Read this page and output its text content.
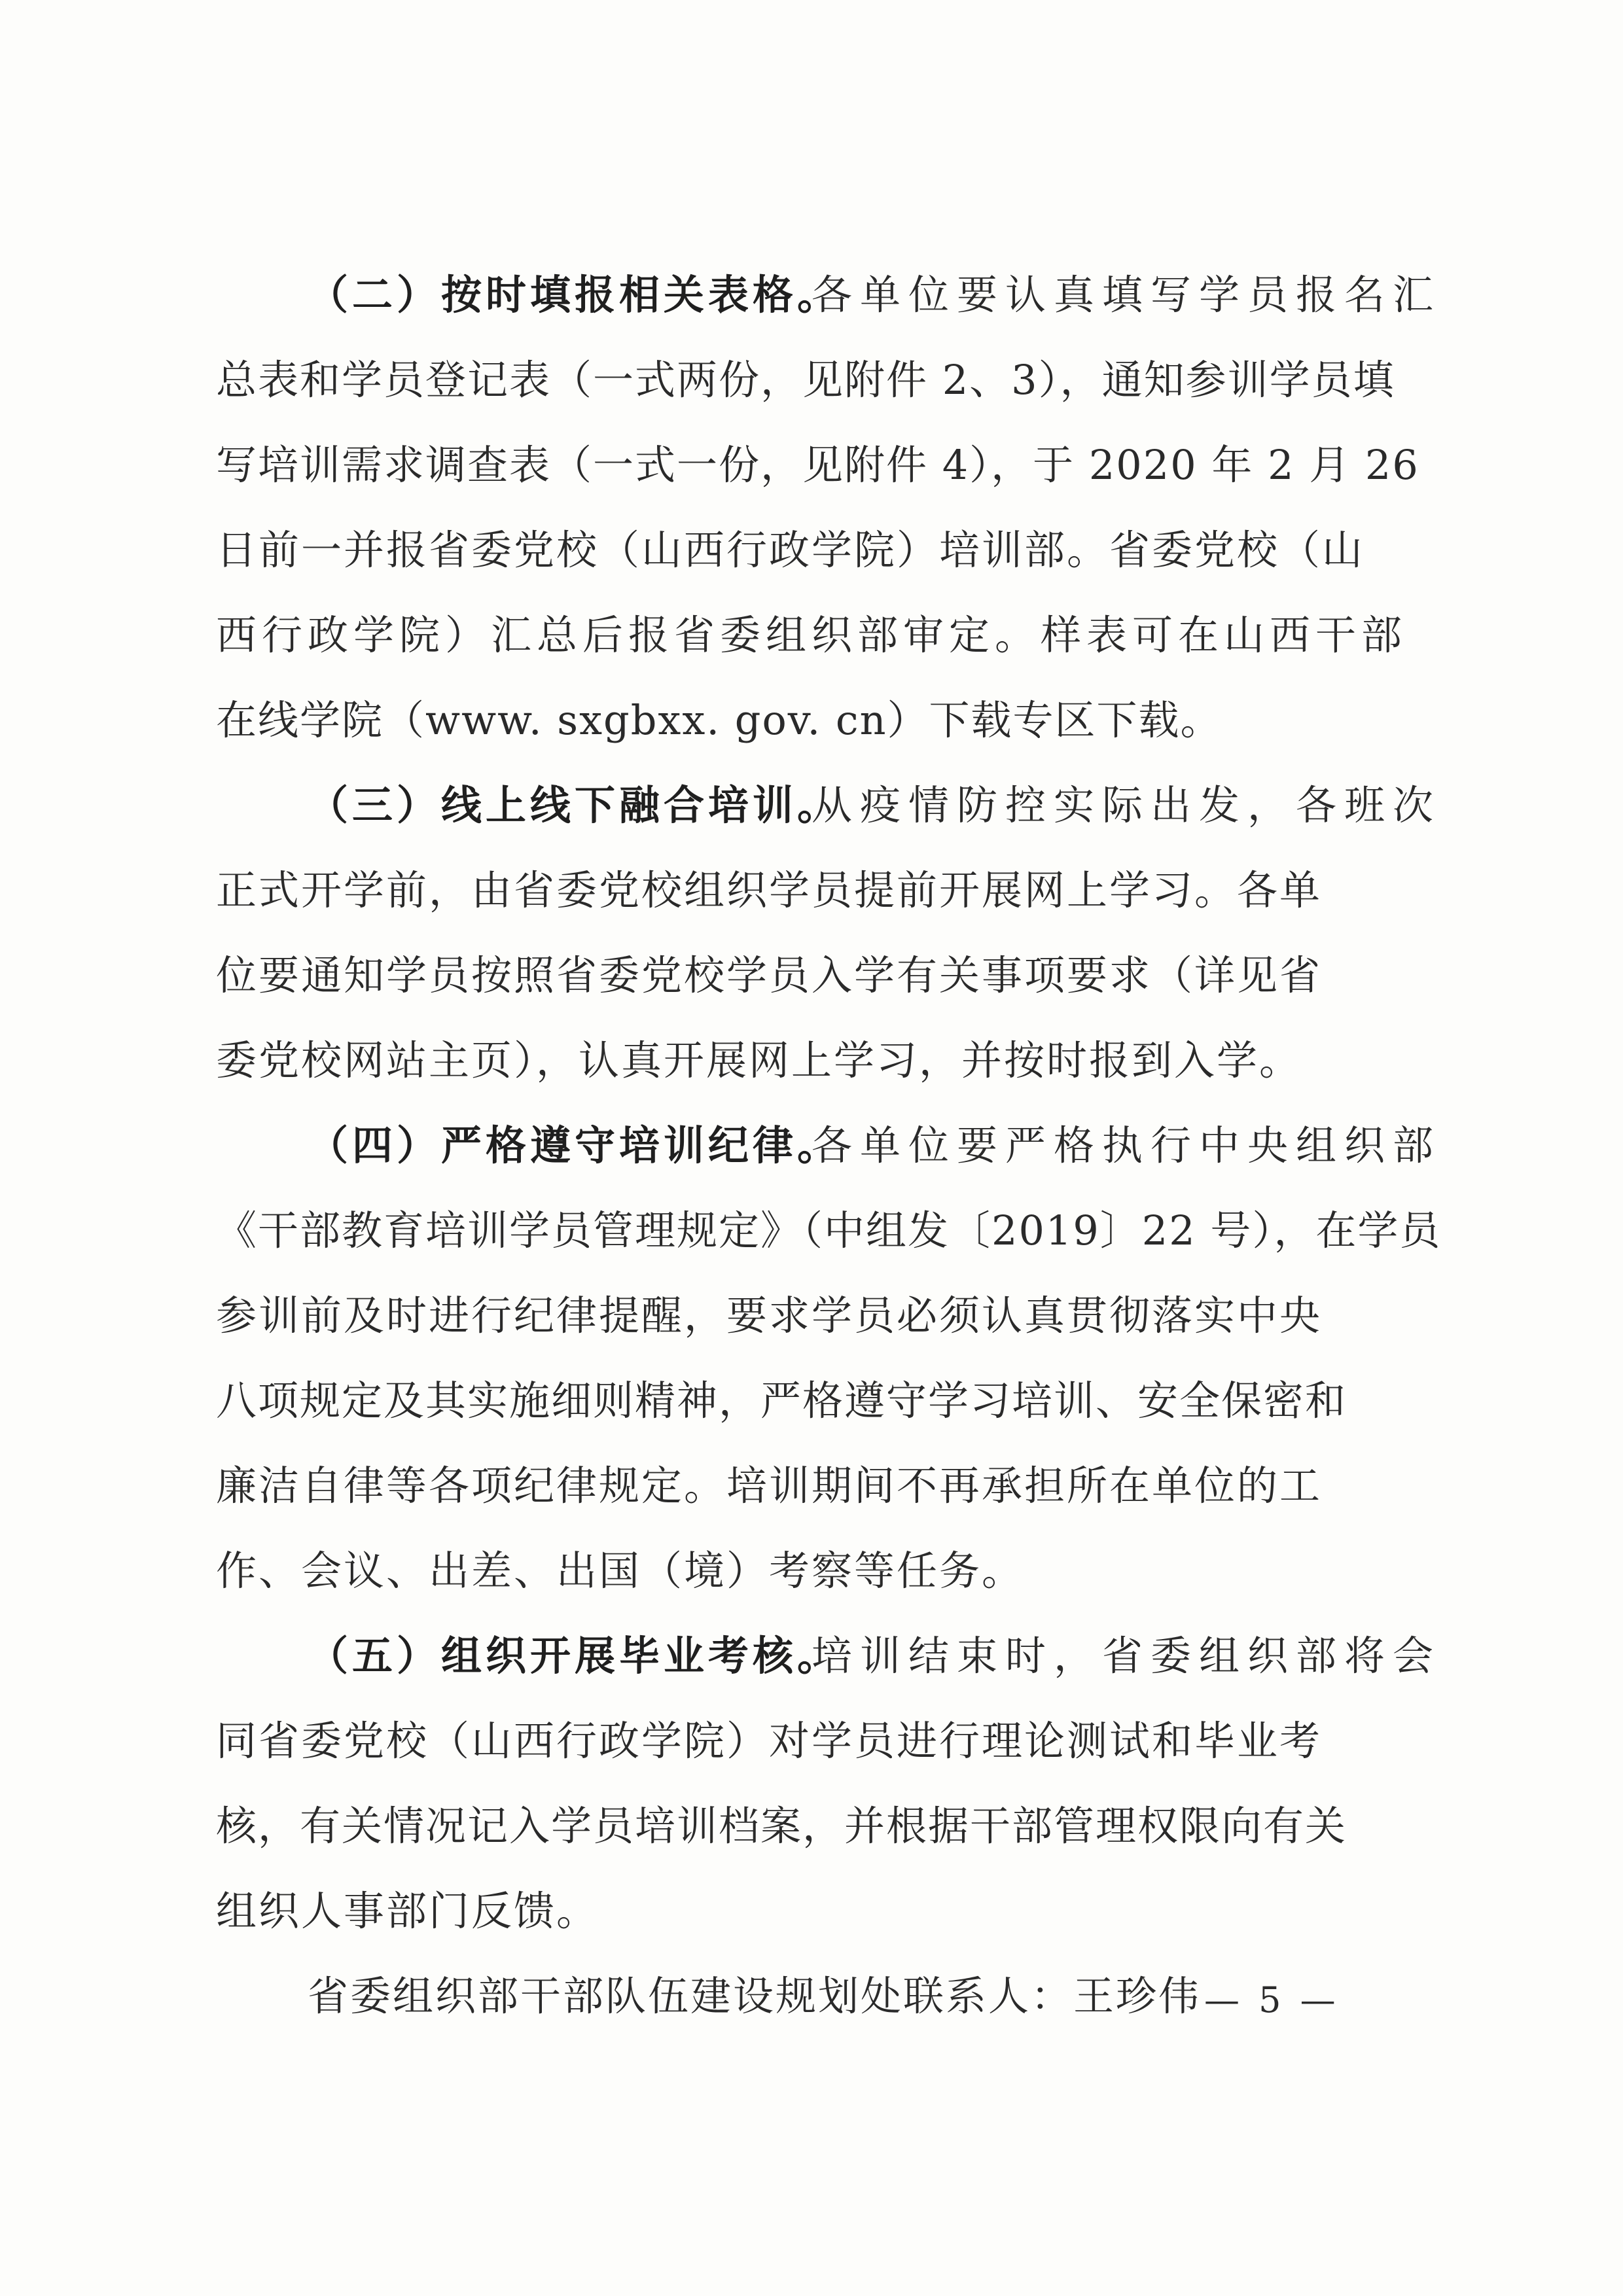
（二）按时填报相关表格。
各单位要认真填写学员报名汇
总表和学员登记表（一式两份，见附件 2、3），通知参训学员填
写培训需求调查表（一式一份，见附件 4），于 2020 年 2 月 26
日前一并报省委党校（山西行政学院）培训部。省委党校（山
西行政学院）汇总后报省委组织部审定。样表可在山西干部
在线学院（www. sxgbxx. gov. cn）下载专区下载。
（三）线上线下融合培训。
从疫情防控实际出发，各班次
正式开学前，由省委党校组织学员提前开展网上学习。各单
位要通知学员按照省委党校学员入学有关事项要求（详见省
委党校网站主页），认真开展网上学习，并按时报到入学。
（四）严格遵守培训纪律。
各单位要严格执行中央组织部
《干部教育培训学员管理规定》（中组发〔2019〕22 号），在学员
参训前及时进行纪律提醒，要求学员必须认真贯彻落实中央
八项规定及其实施细则精神，严格遵守学习培训、安全保密和
廉洁自律等各项纪律规定。培训期间不再承担所在单位的工
作、会议、出差、出国（境）考察等任务。
（五）组织开展毕业考核。
培训结束时，省委组织部将会
同省委党校（山西行政学院）对学员进行理论测试和毕业考
核，有关情况记入学员培训档案，并根据干部管理权限向有关
组织人事部门反馈。
省委组织部干部队伍建设规划处联系人：王珍伟 — 5 —
